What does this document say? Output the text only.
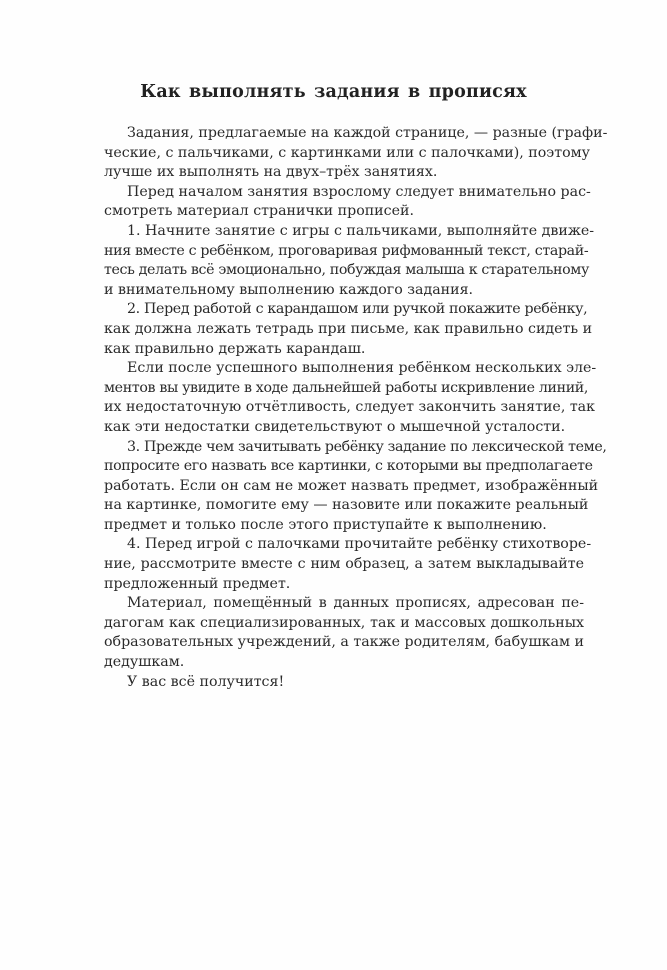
Как выполнять задания в прописях

Задания, предлагаемые на каждой странице, — разные (графи-
ческие, с пальчиками, с картинками или с палочками), поэтому
лучше их выполнять на двух–трёх занятиях.

Перед началом занятия взрослому следует внимательно рас-
смотреть материал странички прописей.

1. Начните занятие с игры с пальчиками, выполняйте движе-
ния вместе с ребёнком, проговаривая рифмованный текст, старай-
тесь делать всё эмоционально, побуждая малыша к старательному
и внимательному выполнению каждого задания.

2. Перед работой с карандашом или ручкой покажите ребёнку,
как должна лежать тетрадь при письме, как правильно сидеть и
как правильно держать карандаш.

Если после успешного выполнения ребёнком нескольких эле-
ментов вы увидите в ходе дальнейшей работы искривление линий,
их недостаточную отчётливость, следует закончить занятие, так
как эти недостатки свидетельствуют о мышечной усталости.

3. Прежде чем зачитывать ребёнку задание по лексической теме,
попросите его назвать все картинки, с которыми вы предполагаете
работать. Если он сам не может назвать предмет, изображённый
на картинке, помогите ему — назовите или покажите реальный
предмет и только после этого приступайте к выполнению.

4. Перед игрой с палочками прочитайте ребёнку стихотворе-
ние, рассмотрите вместе с ним образец, а затем выкладывайте
предложенный предмет.

Материал, помещённый в данных прописях, адресован пе-
дагогам как специализированных, так и массовых дошкольных
образовательных учреждений, а также родителям, бабушкам и
дедушкам.

У вас всё получится!
